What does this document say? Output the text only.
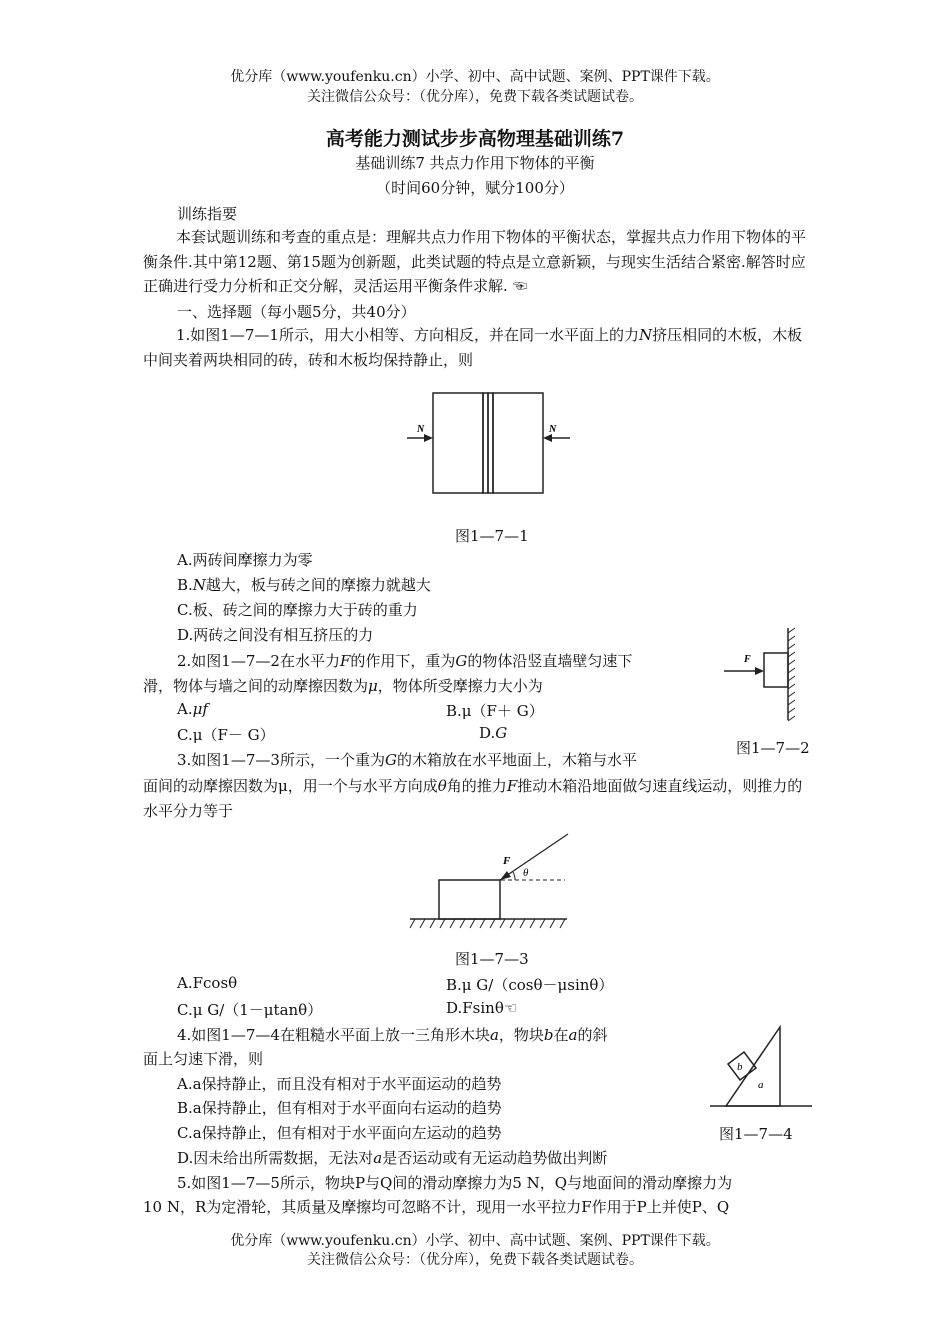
优分库（www.youfenku.cn）小学、初中、高中试题、案例、PPT课件下载。
关注微信公众号：（优分库），免费下载各类试题试卷。
高考能力测试步步高物理基础训练7
基础训练7 共点力作用下物体的平衡
（时间60分钟，赋分100分）
训练指要
本套试题训练和考查的重点是：理解共点力作用下物体的平衡状态，掌握共点力作用下物体的平衡条件.其中第12题、第15题为创新题，此类试题的特点是立意新颖，与现实生活结合紧密.解答时应正确进行受力分析和正交分解，灵活运用平衡条件求解. ☜
一、选择题（每小题5分，共40分）
1.如图1—7—1所示，用大小相等、方向相反，并在同一水平面上的力N挤压相同的木板，木板中间夹着两块相同的砖，砖和木板均保持静止，则
N	N
图1—7—1
A.两砖间摩擦力为零
B.N越大，板与砖之间的摩擦力就越大
C.板、砖之间的摩擦力大于砖的重力
D.两砖之间没有相互挤压的力
2.如图1—7—2在水平力F的作用下，重为G的物体沿竖直墙壁匀速下
滑，物体与墙之间的动摩擦因数为μ，物体所受摩擦力大小为
F
A.μf	B.μ（F＋ G）
C.μ（F－ G）	D.G
图1—7—2
3.如图1—7—3所示，一个重为G的木箱放在水平地面上，木箱与水平
面间的动摩擦因数为μ，用一个与水平方向成θ角的推力F推动木箱沿地面做匀速直线运动，则推力的水平分力等于
F
θ
图1—7—3
A.Fcosθ	B.μ G/（cosθ－μsinθ）
C.μ G/（1－μtanθ）	D.Fsinθ☜
4.如图1—7—4在粗糙水平面上放一三角形木块a，物块b在a的斜
面上匀速下滑，则	b
a
A.a保持静止，而且没有相对于水平面运动的趋势
B.a保持静止，但有相对于水平面向右运动的趋势
C.a保持静止，但有相对于水平面向左运动的趋势	图1—7—4
D.因未给出所需数据，无法对a是否运动或有无运动趋势做出判断
5.如图1—7—5所示，物块P与Q间的滑动摩擦力为5 N，Q与地面间的滑动摩擦力为
10 N，R为定滑轮，其质量及摩擦均可忽略不计，现用一水平拉力F作用于P上并使P、Q
优分库（www.youfenku.cn）小学、初中、高中试题、案例、PPT课件下载。
关注微信公众号：（优分库），免费下载各类试题试卷。
